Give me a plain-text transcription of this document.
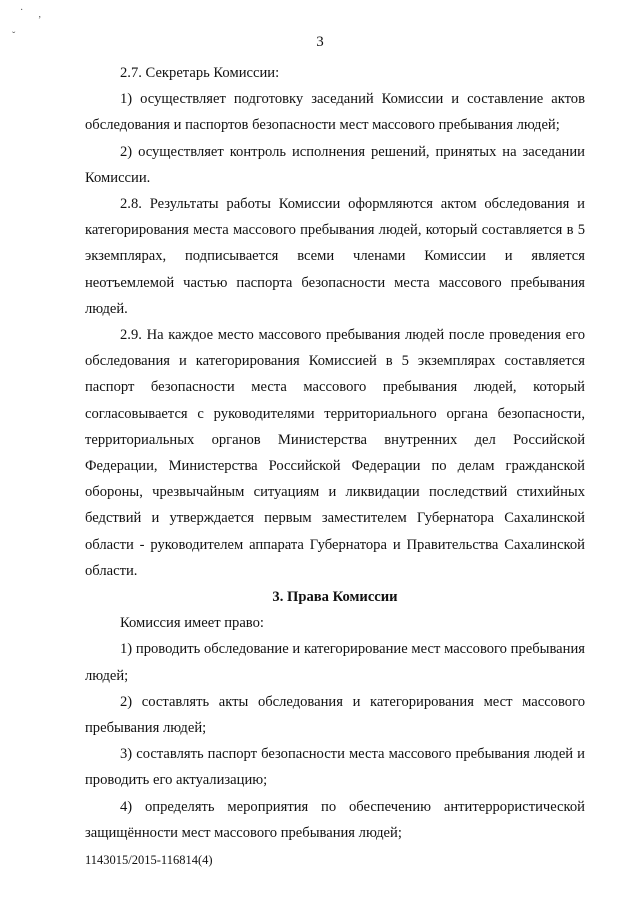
· ‚
ˇ	3

2.7. Секретарь Комиссии:

1) осуществляет подготовку заседаний Комиссии и составление актов обследования и паспортов безопасности мест массового пребывания людей;

2) осуществляет контроль исполнения решений, принятых на заседании Комиссии.

2.8. Результаты работы Комиссии оформляются актом обследования и категорирования места массового пребывания людей, который составляется в 5 экземплярах, подписывается всеми членами Комиссии и является неотъемлемой частью паспорта безопасности места массового пребывания людей.

2.9. На каждое место массового пребывания людей после проведения его обследования и категорирования Комиссией в 5 экземплярах составляется паспорт безопасности места массового пребывания людей, который согласовывается с руководителями территориального органа безопасности, территориальных органов Министерства внутренних дел Российской Федерации, Министерства Российской Федерации по делам гражданской обороны, чрезвычайным ситуациям и ликвидации последствий стихийных бедствий и утверждается первым заместителем Губернатора Сахалинской области - руководителем аппарата Губернатора и Правительства Сахалинской области.

3. Права Комиссии

Комиссия имеет право:

1) проводить обследование и категорирование мест массового пребывания людей;

2) составлять акты обследования и категорирования мест массового пребывания людей;

3) составлять паспорт безопасности места массового пребывания людей и проводить его актуализацию;

4) определять мероприятия по обеспечению антитеррористической защищённости мест массового пребывания людей;

1143015/2015-116814(4)
